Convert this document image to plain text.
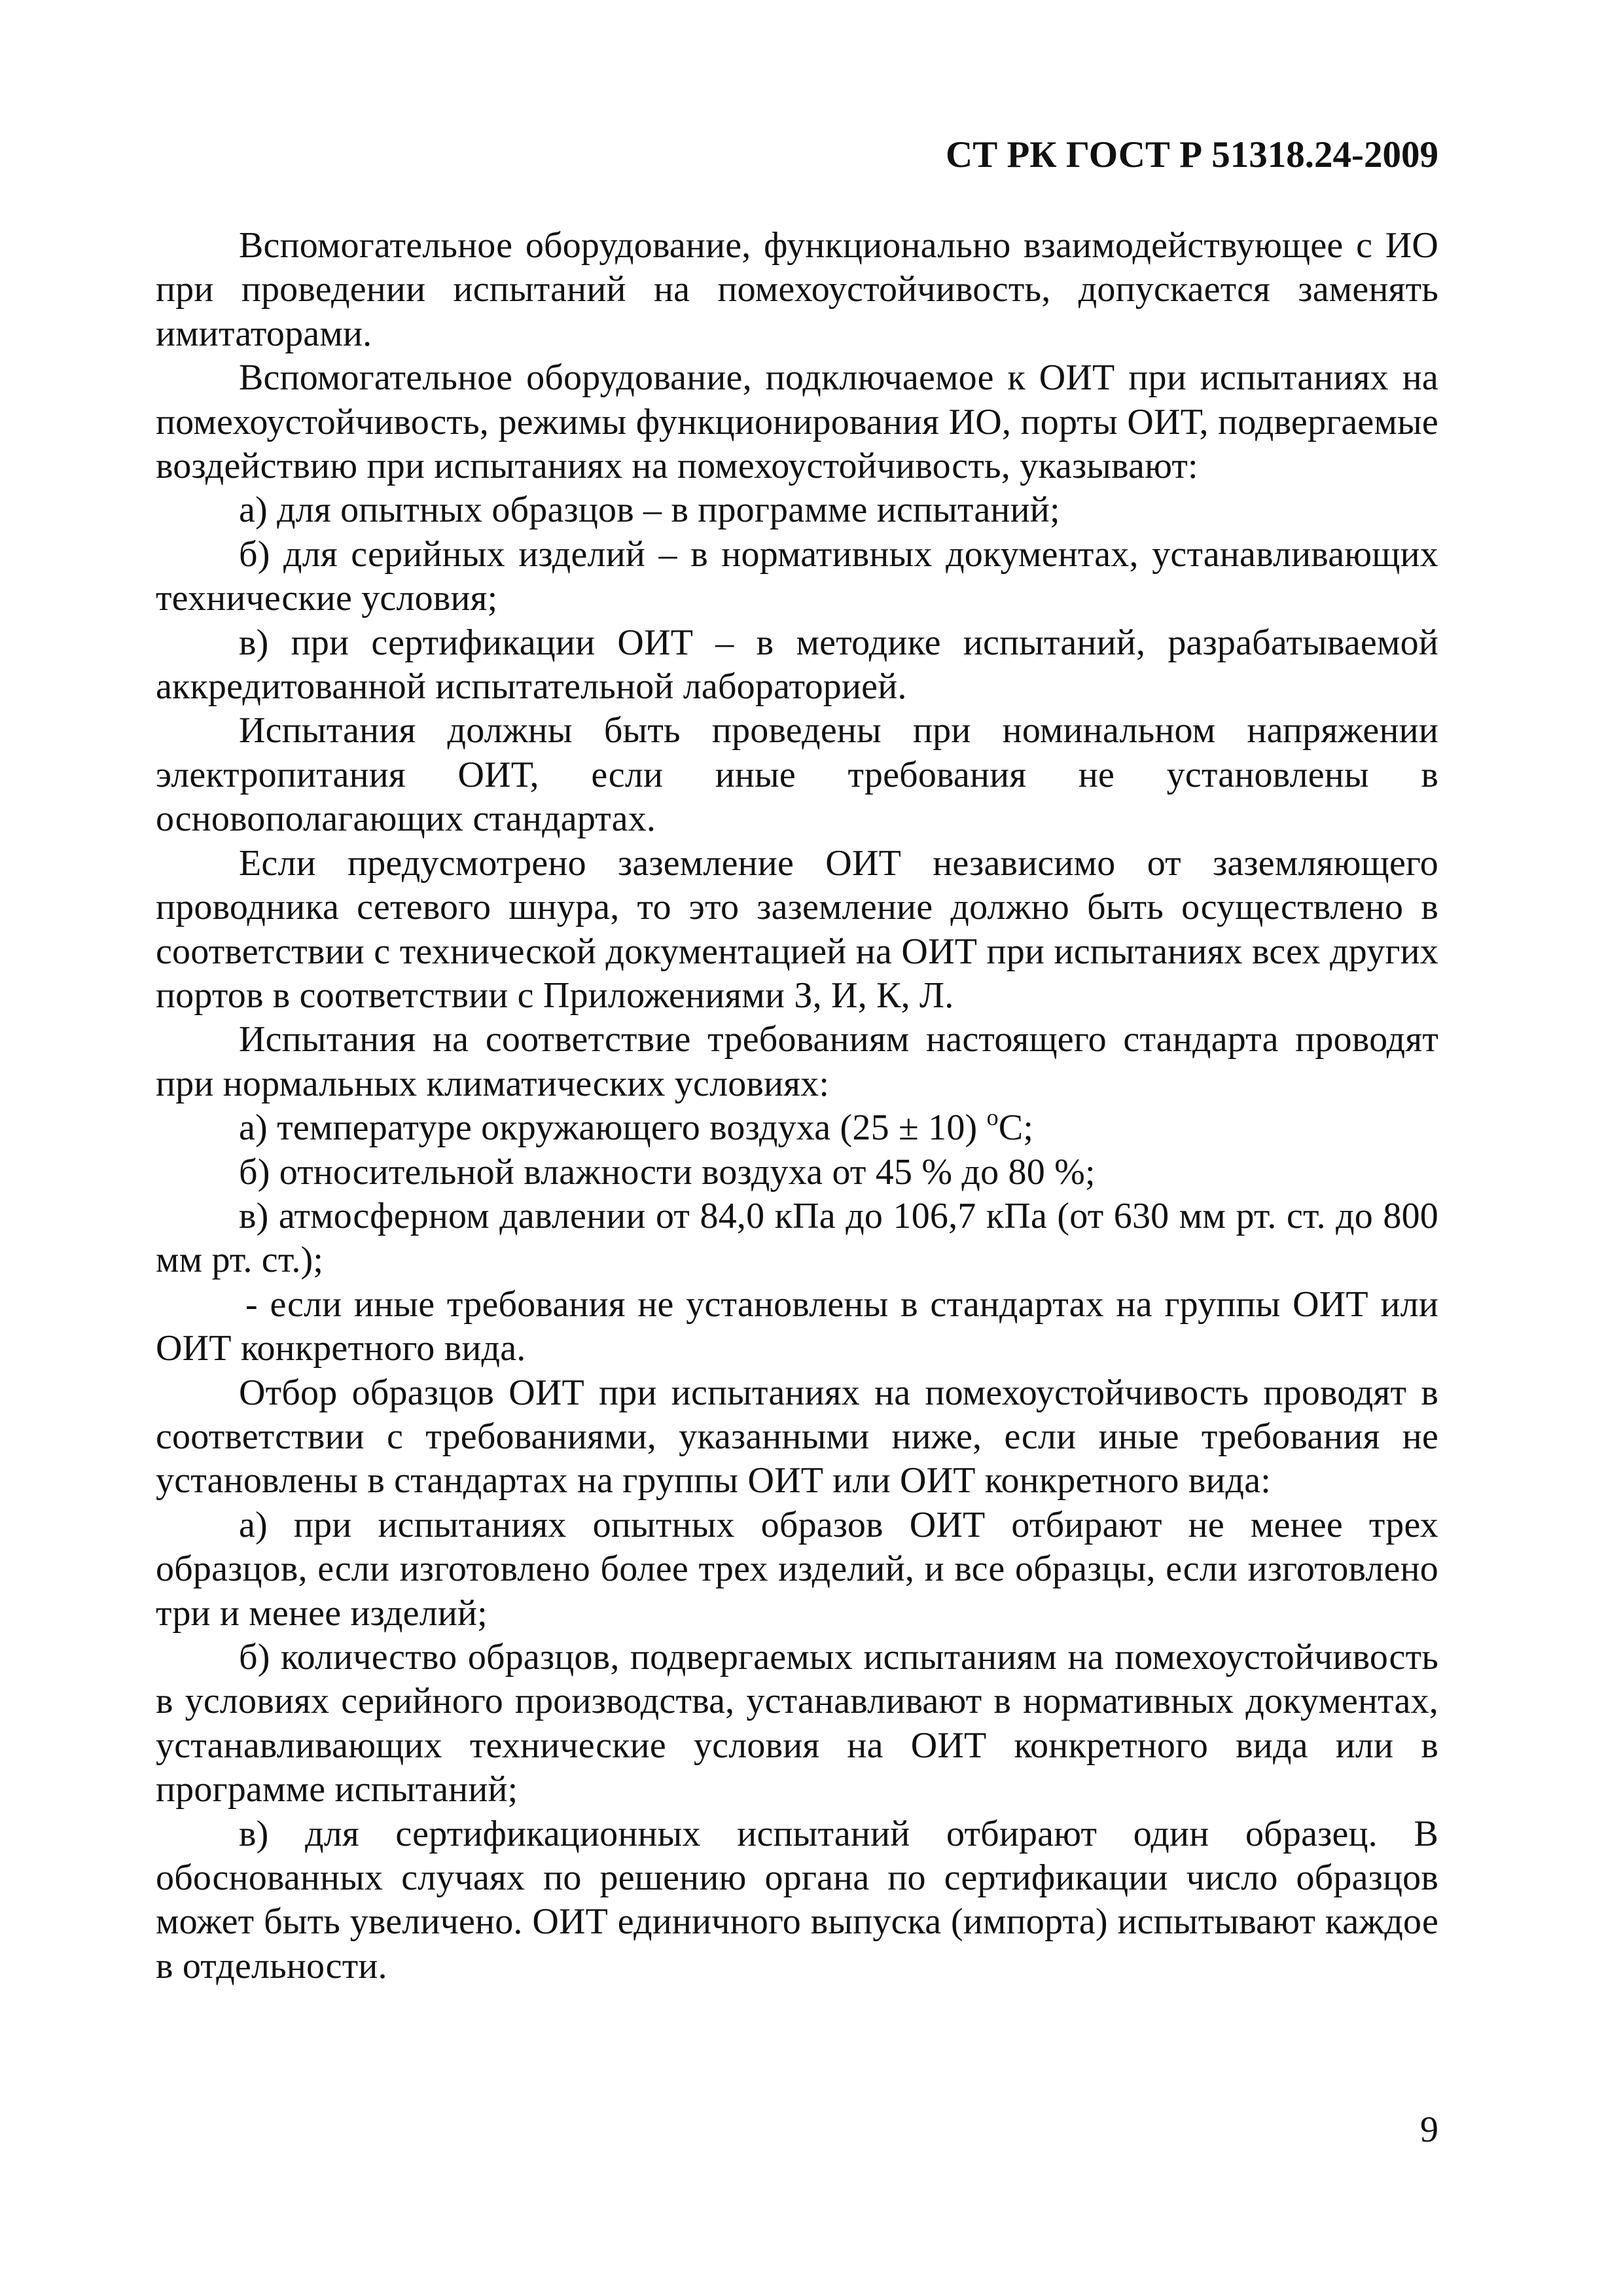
СТ РК ГОСТ Р 51318.24-2009

Вспомогательное оборудование, функционально взаимодействующее с ИО при проведении испытаний на помехоустойчивость, допускается заменять имитаторами.

Вспомогательное оборудование, подключаемое к ОИТ при испытаниях на помехоустойчивость, режимы функционирования ИО, порты ОИТ, подвергаемые воздействию при испытаниях на помехоустойчивость, указывают:

а) для опытных образцов – в программе испытаний;

б) для серийных изделий – в нормативных документах, устанавливающих технические условия;

в) при сертификации ОИТ – в методике испытаний, разрабатываемой аккредитованной испытательной лабораторией.

Испытания должны быть проведены при номинальном напряжении электропитания ОИТ, если иные требования не установлены в основополагающих стандартах.

Если предусмотрено заземление ОИТ независимо от заземляющего проводника сетевого шнура, то это заземление должно быть осуществлено в соответствии с технической документацией на ОИТ при испытаниях всех других портов в соответствии с Приложениями З, И, К, Л.

Испытания на соответствие требованиям настоящего стандарта проводят при нормальных климатических условиях:

а) температуре окружающего воздуха (25 ± 10) $^o$С;

б) относительной влажности воздуха от 45 % до 80 %;

в) атмосферном давлении от 84,0 кПа до 106,7 кПа (от 630 мм рт. ст. до 800 мм рт. ст.);

- если иные требования не установлены в стандартах на группы ОИТ или ОИТ конкретного вида.

Отбор образцов ОИТ при испытаниях на помехоустойчивость проводят в соответствии с требованиями, указанными ниже, если иные требования не установлены в стандартах на группы ОИТ или ОИТ конкретного вида:

а) при испытаниях опытных образов ОИТ отбирают не менее трех образцов, если изготовлено более трех изделий, и все образцы, если изготовлено три и менее изделий;

б) количество образцов, подвергаемых испытаниям на помехоустойчивость в условиях серийного производства, устанавливают в нормативных документах, устанавливающих технические условия на ОИТ конкретного вида или в программе испытаний;

в) для сертификационных испытаний отбирают один образец. В обоснованных случаях по решению органа по сертификации число образцов может быть увеличено. ОИТ единичного выпуска (импорта) испытывают каждое в отдельности.

9
